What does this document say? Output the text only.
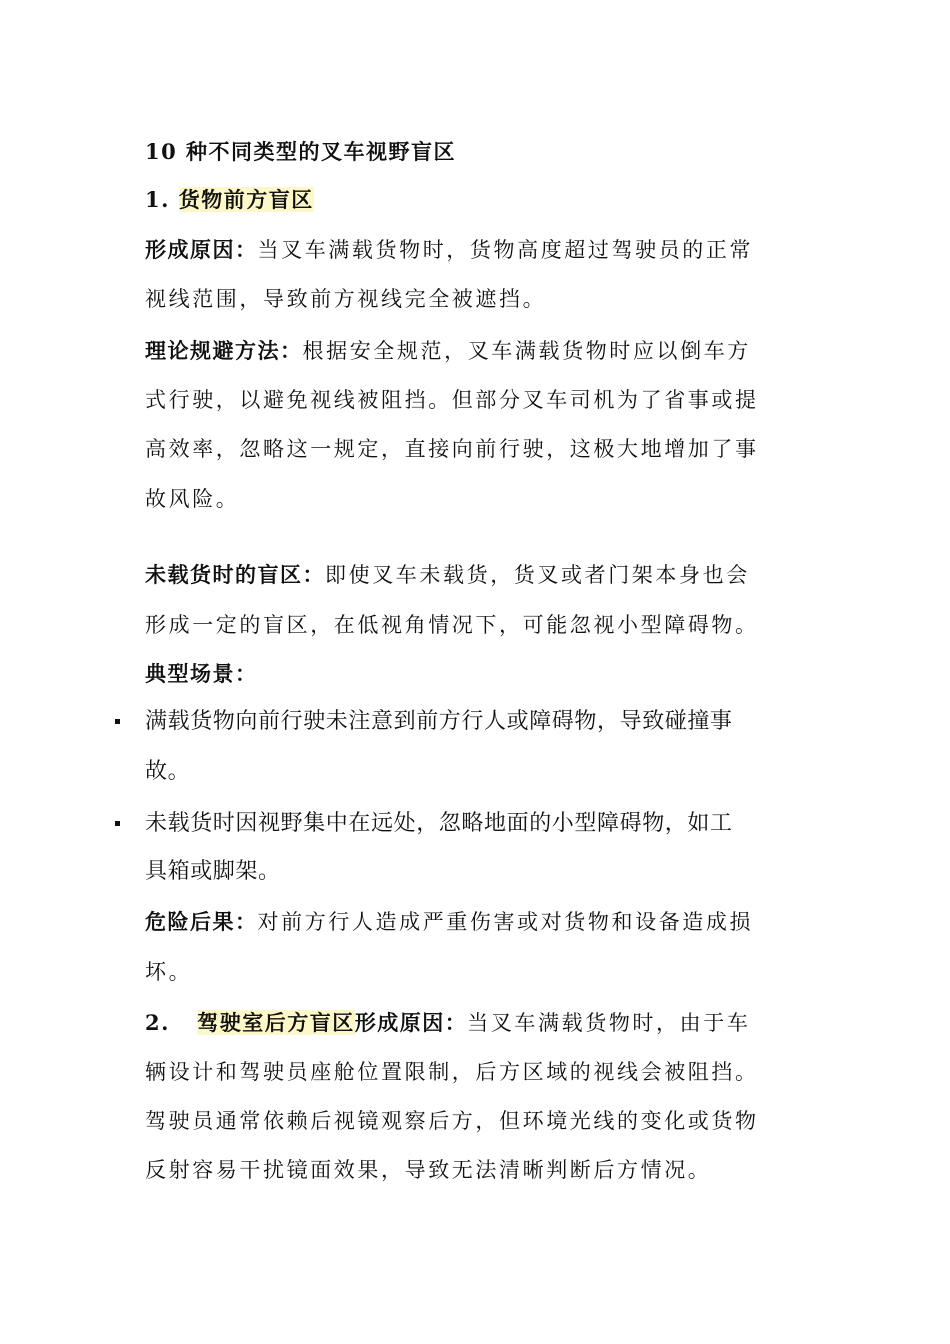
10 种不同类型的叉车视野盲区
1. 货物前方盲区
形成原因：当叉车满载货物时，货物高度超过驾驶员的正常
视线范围，导致前方视线完全被遮挡。
理论规避方法：根据安全规范，叉车满载货物时应以倒车方
式行驶，以避免视线被阻挡。但部分叉车司机为了省事或提
高效率，忽略这一规定，直接向前行驶，这极大地增加了事
故风险。
未载货时的盲区：即使叉车未载货，货叉或者门架本身也会
形成一定的盲区，在低视角情况下，可能忽视小型障碍物。
典型场景：
满载货物向前行驶未注意到前方行人或障碍物，导致碰撞事
故。
未载货时因视野集中在远处，忽略地面的小型障碍物，如工
具箱或脚架。
危险后果：对前方行人造成严重伤害或对货物和设备造成损
坏。
2. 驾驶室后方盲区形成原因：当叉车满载货物时，由于车
辆设计和驾驶员座舱位置限制，后方区域的视线会被阻挡。
驾驶员通常依赖后视镜观察后方，但环境光线的变化或货物
反射容易干扰镜面效果，导致无法清晰判断后方情况。
